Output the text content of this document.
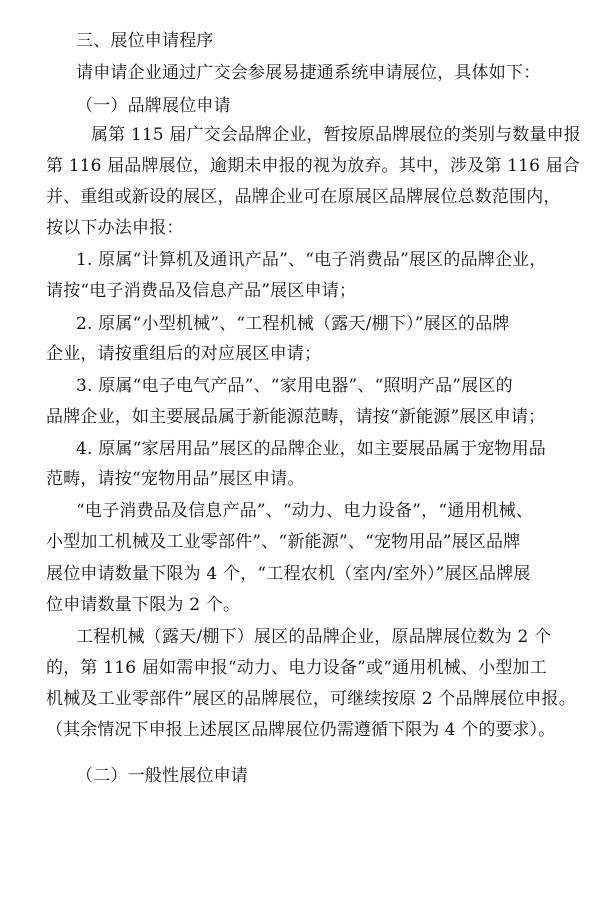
三、展位申请程序
请申请企业通过广交会参展易捷通系统申请展位，具体如下：
（一）品牌展位申请
属第 115 届广交会品牌企业，暂按原品牌展位的类别与数量申报
第 116 届品牌展位，逾期未申报的视为放弃。其中，涉及第 116 届合
并、重组或新设的展区，品牌企业可在原展区品牌展位总数范围内，
按以下办法申报：
1. 原属“计算机及通讯产品”、“电子消费品”展区的品牌企业，
请按“电子消费品及信息产品”展区申请；
2. 原属“小型机械”、“工程机械（露天/棚下）”展区的品牌
企业，请按重组后的对应展区申请；
3. 原属“电子电气产品”、“家用电器”、“照明产品”展区的
品牌企业，如主要展品属于新能源范畴，请按“新能源”展区申请；
4. 原属“家居用品”展区的品牌企业，如主要展品属于宠物用品
范畴，请按“宠物用品”展区申请。
“电子消费品及信息产品”、“动力、电力设备”，“通用机械、
小型加工机械及工业零部件”、“新能源”、“宠物用品”展区品牌
展位申请数量下限为 4 个，“工程农机（室内/室外）”展区品牌展
位申请数量下限为 2 个。
工程机械（露天/棚下）展区的品牌企业，原品牌展位数为 2 个
的，第 116 届如需申报“动力、电力设备”或“通用机械、小型加工
机械及工业零部件”展区的品牌展位，可继续按原 2 个品牌展位申报。
（其余情况下申报上述展区品牌展位仍需遵循下限为 4 个的要求）。
（二）一般性展位申请
